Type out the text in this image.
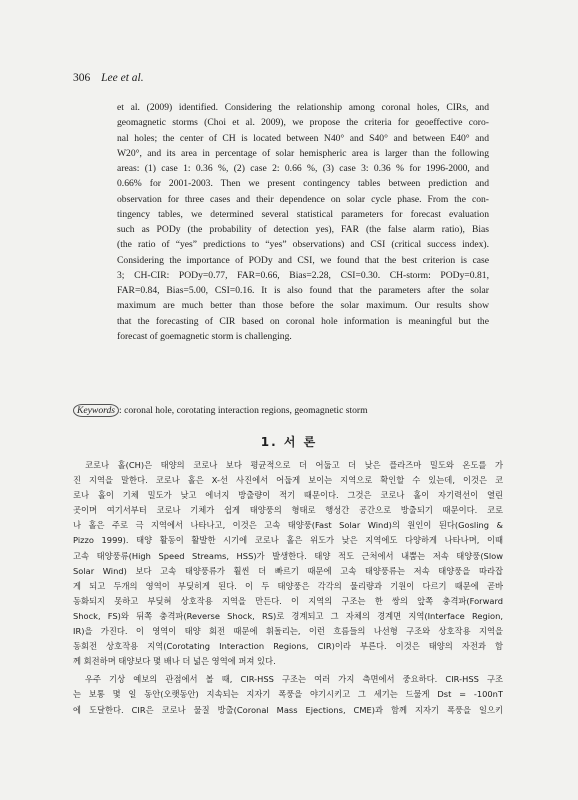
306 Lee et al.
et al. (2009) identified. Considering the relationship among coronal holes, CIRs, and
geomagnetic storms (Choi et al. 2009), we propose the criteria for geoeffective coro-
nal holes; the center of CH is located between N40° and S40° and between E40° and
W20°, and its area in percentage of solar hemispheric area is larger than the following
areas: (1) case 1: 0.36 %, (2) case 2: 0.66 %, (3) case 3: 0.36 % for 1996-2000, and
0.66% for 2001-2003. Then we present contingency tables between prediction and
observation for three cases and their dependence on solar cycle phase. From the con-
tingency tables, we determined several statistical parameters for forecast evaluation
such as PODy (the probability of detection yes), FAR (the false alarm ratio), Bias
(the ratio of “yes” predictions to “yes” observations) and CSI (critical success index).
Considering the importance of PODy and CSI, we found that the best criterion is case
3; CH-CIR: PODy=0.77, FAR=0.66, Bias=2.28, CSI=0.30. CH-storm: PODy=0.81,
FAR=0.84, Bias=5.00, CSI=0.16. It is also found that the parameters after the solar
maximum are much better than those before the solar maximum. Our results show
that the forecasting of CIR based on coronal hole information is meaningful but the
forecast of goemagnetic storm is challenging.
Keywords : coronal hole, corotating interaction regions, geomagnetic storm
1. 서 론
코로나 홀(CH)은 태양의 코로나 보다 평균적으로 더 어둡고 더 낮은 플라즈마 밀도와 온도를 가
진 지역을 말한다. 코로나 홀은 X-선 사진에서 어둡게 보이는 지역으로 확인할 수 있는데, 이것은 코
로나 홀이 기체 밀도가 낮고 에너지 방출량이 적기 때문이다. 그것은 코로나 홀이 자기력선이 열린
곳이며 여기서부터 코로나 기체가 쉽게 태양풍의 형태로 행성간 공간으로 방출되기 때문이다. 코로
나 홀은 주로 극 지역에서 나타나고, 이것은 고속 태양풍(Fast Solar Wind)의 원인이 된다(Gosling &
Pizzo 1999). 태양 활동이 활발한 시기에 코로나 홀은 위도가 낮은 지역에도 다양하게 나타나며, 이때
고속 태양풍류(High Speed Streams, HSS)가 발생한다. 태양 적도 근처에서 내뿜는 저속 태양풍(Slow
Solar Wind) 보다 고속 태양풍류가 훨씬 더 빠르기 때문에 고속 태양풍류는 저속 태양풍을 따라잡
게 되고 두개의 영역이 부딪히게 된다. 이 두 태양풍은 각각의 물리량과 기원이 다르기 때문에 곧바
동화되지 못하고 부딪혀 상호작용 지역을 만든다. 이 지역의 구조는 한 쌍의 앞쪽 충격파(Forward
Shock, FS)와 뒤쪽 충격파(Reverse Shock, RS)로 경계되고 그 자체의 경계면 지역(Interface Region,
IR)을 가진다. 이 영역이 태양 회전 때문에 휘돌리는, 이런 흐름들의 나선형 구조와 상호작용 지역을
동회전 상호작용 지역(Corotating Interaction Regions, CIR)이라 부른다. 이것은 태양의 자전과 함
께 회전하며 태양보다 몇 배나 더 넓은 영역에 퍼져 있다.
우주 기상 예보의 관점에서 볼 때, CIR-HSS 구조는 여러 가지 측면에서 중요하다. CIR-HSS 구조
는 보통 몇 일 동안(오랫동안) 지속되는 지자기 폭풍을 야기시키고 그 세기는 드물게 Dst = -100nT
에 도달한다. CIR은 코로나 물질 방출(Coronal Mass Ejections, CME)과 함께 지자기 폭풍을 일으키
